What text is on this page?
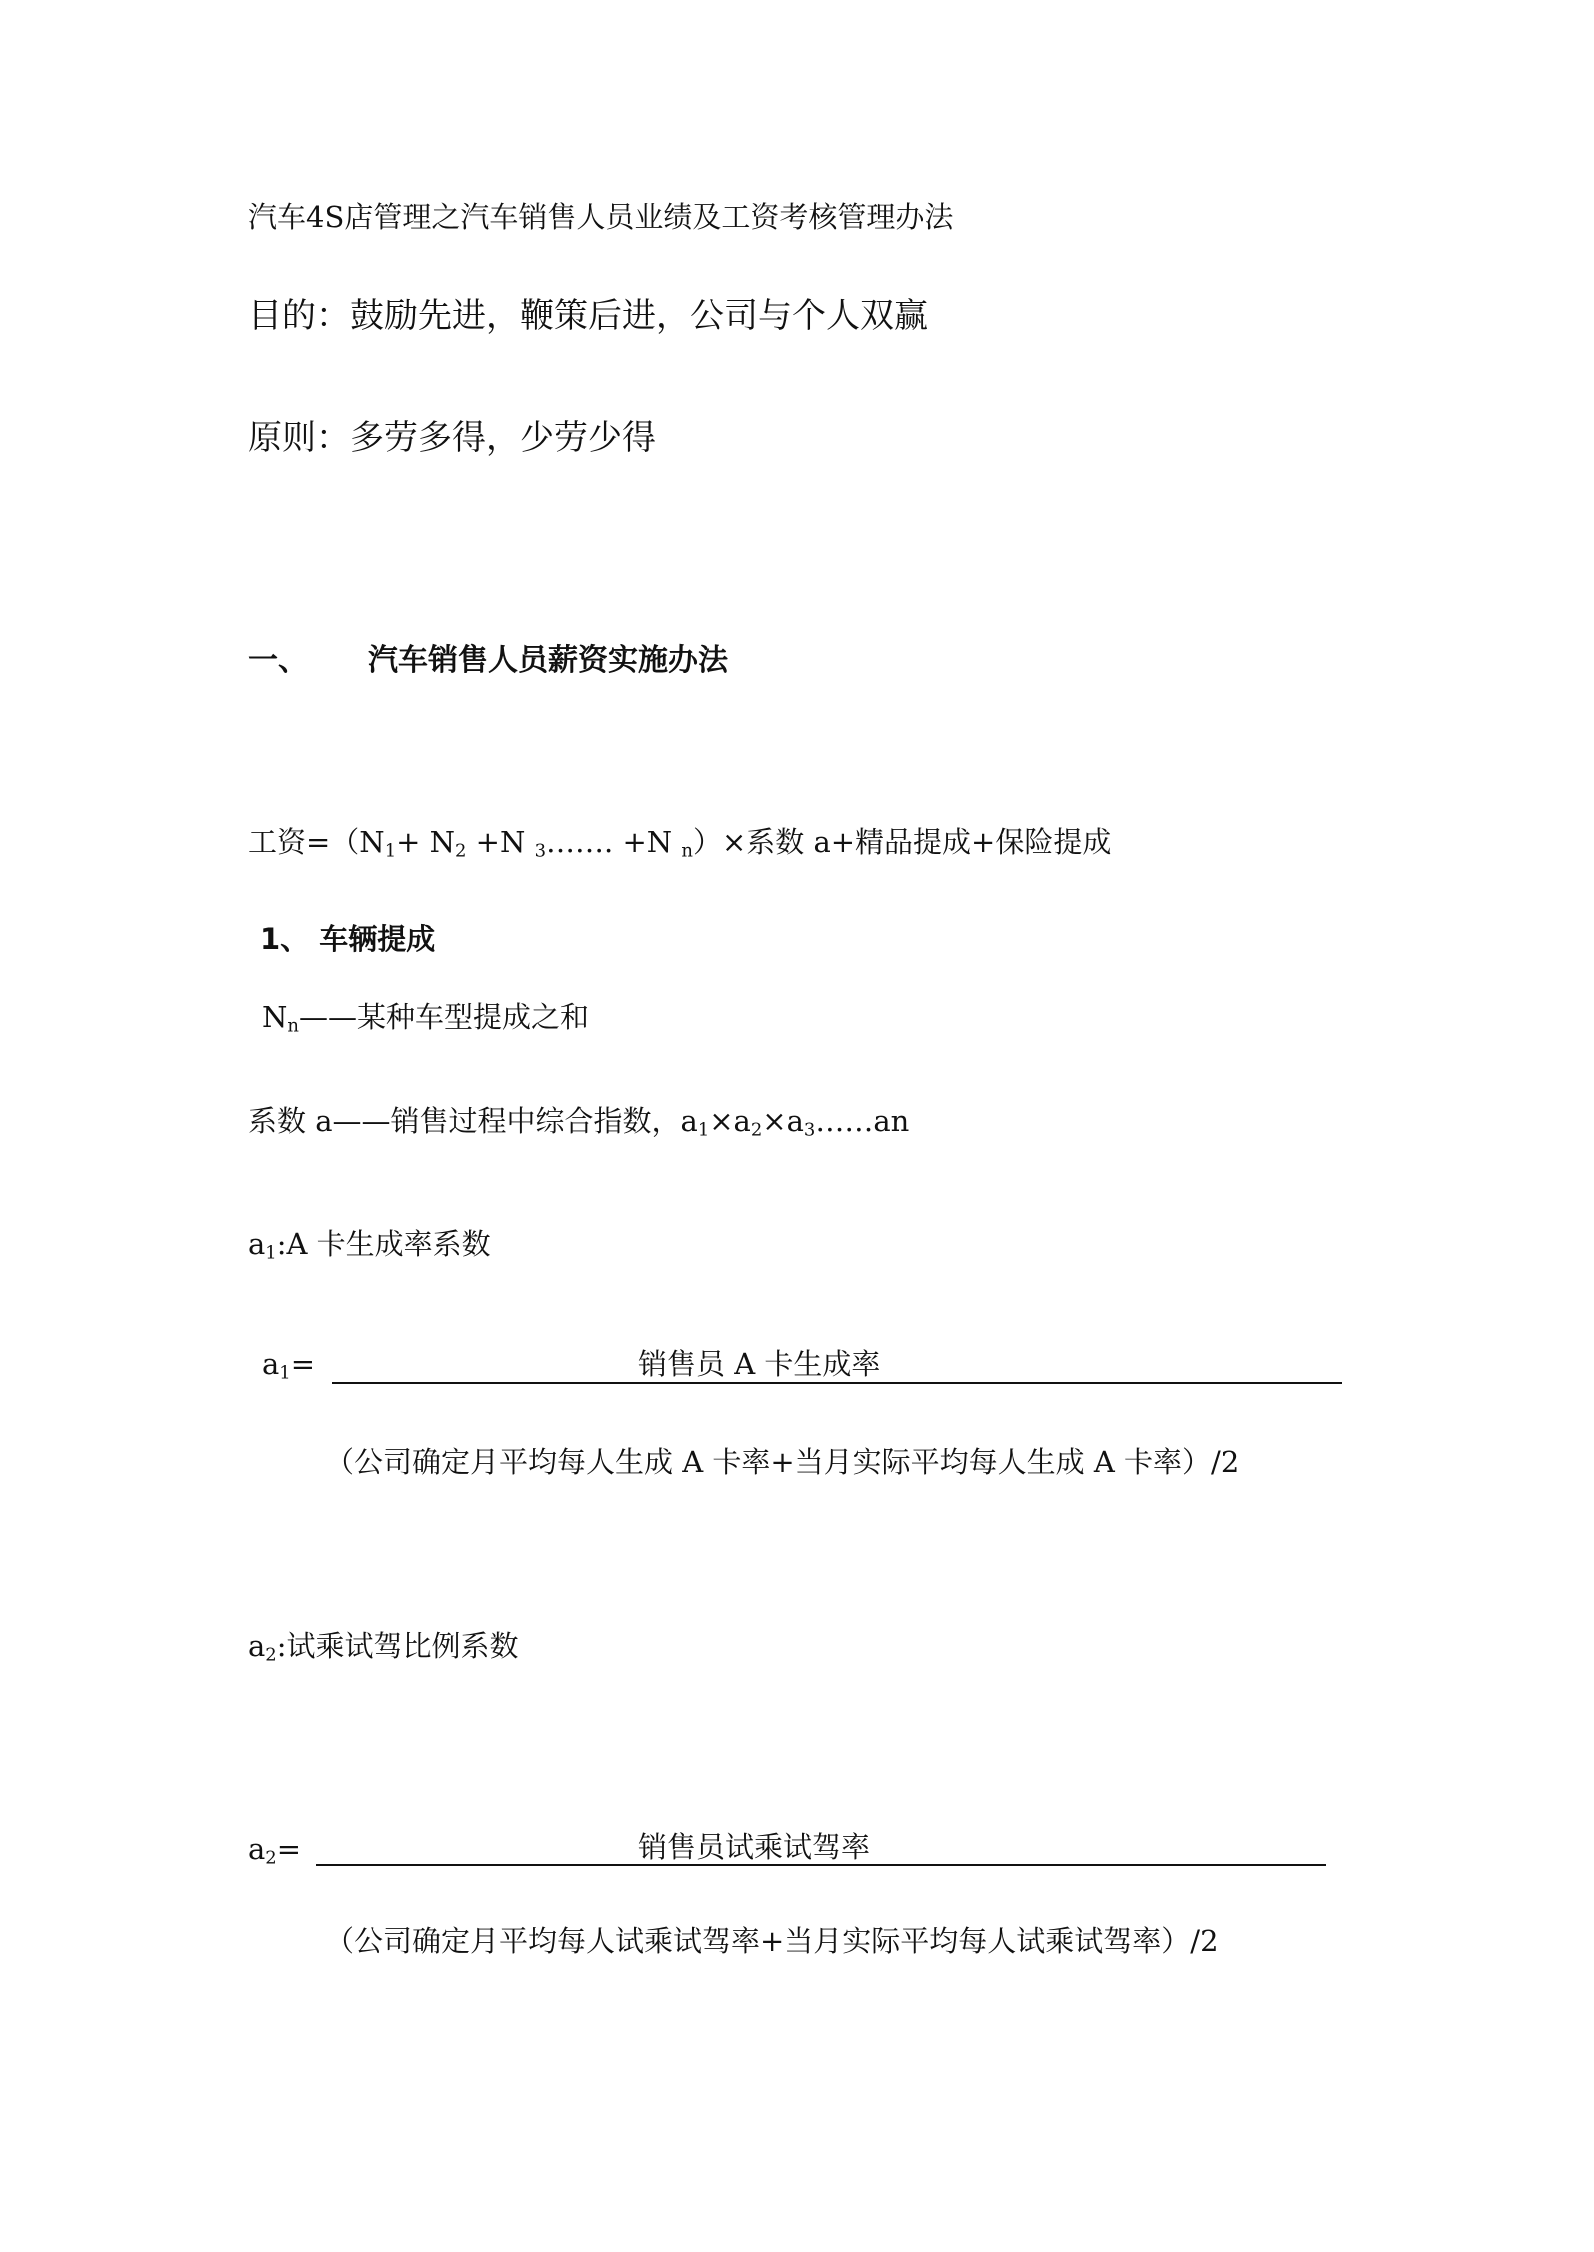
汽车4S店管理之汽车销售人员业绩及工资考核管理办法
目的：鼓励先进，鞭策后进，公司与个人双赢
原则：多劳多得，少劳少得
一、 汽车销售人员薪资实施办法
工资$=(N_1+ N_2 +N$ $_3$……. +N $_n$）×系数 a+精品提成+保险提成
1、 车辆提成
$N_n——$某种车型提成之和
系数 a——销售过程中综合指数，$a_1\times a_2\times a_3\dots\dots an$
$a_1:A$ 卡生成率系数
$a_1=$	销售员 A 卡生成率
（公司确定月平均每人生成 A 卡率+当月实际平均每人生成 A 卡率）/2
$a_2$:试乘试驾比例系数
$a_2=$	销售员试乘试驾率
（公司确定月平均每人试乘试驾率+当月实际平均每人试乘试驾率）/2
